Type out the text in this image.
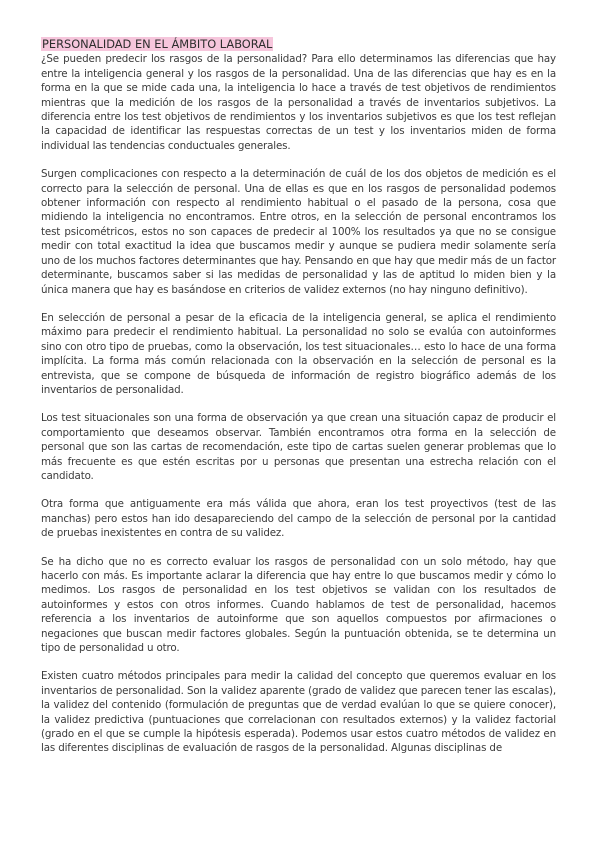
PERSONALIDAD EN EL ÁMBITO LABORAL

¿Se pueden predecir los rasgos de la personalidad? Para ello determinamos las diferencias que hay entre la inteligencia general y los rasgos de la personalidad. Una de las diferencias que hay es en la forma en la que se mide cada una, la inteligencia lo hace a través de test objetivos de rendimientos mientras que la medición de los rasgos de la personalidad a través de inventarios subjetivos. La diferencia entre los test objetivos de rendimientos y los inventarios subjetivos es que los test reflejan la capacidad de identificar las respuestas correctas de un test y los inventarios miden de forma individual las tendencias conductuales generales.

Surgen complicaciones con respecto a la determinación de cuál de los dos objetos de medición es el correcto para la selección de personal. Una de ellas es que en los rasgos de personalidad podemos obtener información con respecto al rendimiento habitual o el pasado de la persona, cosa que midiendo la inteligencia no encontramos. Entre otros, en la selección de personal encontramos los test psicométricos, estos no son capaces de predecir al 100% los resultados ya que no se consigue medir con total exactitud la idea que buscamos medir y aunque se pudiera medir solamente sería uno de los muchos factores determinantes que hay. Pensando en que hay que medir más de un factor determinante, buscamos saber si las medidas de personalidad y las de aptitud lo miden bien y la única manera que hay es basándose en criterios de validez externos (no hay ninguno definitivo).

En selección de personal a pesar de la eficacia de la inteligencia general, se aplica el rendimiento máximo para predecir el rendimiento habitual. La personalidad no solo se evalúa con autoinformes sino con otro tipo de pruebas, como la observación, los test situacionales… esto lo hace de una forma implícita. La forma más común relacionada con la observación en la selección de personal es la entrevista, que se compone de búsqueda de información de registro biográfico además de los inventarios de personalidad.

Los test situacionales son una forma de observación ya que crean una situación capaz de producir el comportamiento que deseamos observar. También encontramos otra forma en la selección de personal que son las cartas de recomendación, este tipo de cartas suelen generar problemas que lo más frecuente es que estén escritas por u personas que presentan una estrecha relación con el candidato.

Otra forma que antiguamente era más válida que ahora, eran los test proyectivos (test de las manchas) pero estos han ido desapareciendo del campo de la selección de personal por la cantidad de pruebas inexistentes en contra de su validez.

Se ha dicho que no es correcto evaluar los rasgos de personalidad con un solo método, hay que hacerlo con más. Es importante aclarar la diferencia que hay entre lo que buscamos medir y cómo lo medimos. Los rasgos de personalidad en los test objetivos se validan con los resultados de autoinformes y estos con otros informes. Cuando hablamos de test de personalidad, hacemos referencia a los inventarios de autoinforme que son aquellos compuestos por afirmaciones o negaciones que buscan medir factores globales. Según la puntuación obtenida, se te determina un tipo de personalidad u otro.

Existen cuatro métodos principales para medir la calidad del concepto que queremos evaluar en los inventarios de personalidad. Son la validez aparente (grado de validez que parecen tener las escalas), la validez del contenido (formulación de preguntas que de verdad evalúan lo que se quiere conocer), la validez predictiva (puntuaciones que correlacionan con resultados externos) y la validez factorial (grado en el que se cumple la hipótesis esperada). Podemos usar estos cuatro métodos de validez en las diferentes disciplinas de evaluación de rasgos de la personalidad. Algunas disciplinas de
